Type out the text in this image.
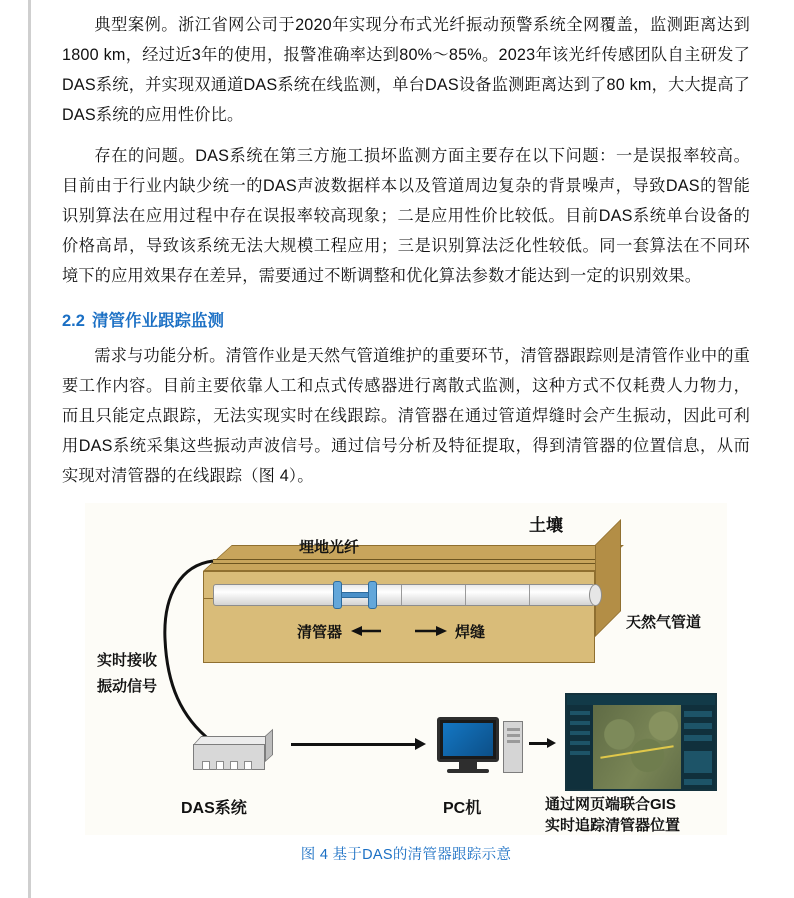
典型案例。浙江省网公司于2020年实现分布式光纤振动预警系统全网覆盖，监测距离达到1800 km，经过近3年的使用，报警准确率达到80%～85%。2023年该光纤传感团队自主研发了DAS系统，并实现双通道DAS系统在线监测，单台DAS设备监测距离达到了80 km，大大提高了DAS系统的应用性价比。

存在的问题。DAS系统在第三方施工损坏监测方面主要存在以下问题：一是误报率较高。目前由于行业内缺少统一的DAS声波数据样本以及管道周边复杂的背景噪声，导致DAS的智能识别算法在应用过程中存在误报率较高现象；二是应用性价比较低。目前DAS系统单台设备的价格高昂，导致该系统无法大规模工程应用；三是识别算法泛化性较低。同一套算法在不同环境下的应用效果存在差异，需要通过不断调整和优化算法参数才能达到一定的识别效果。

2.2 清管作业跟踪监测

需求与功能分析。清管作业是天然气管道维护的重要环节，清管器跟踪则是清管作业中的重要工作内容。目前主要依靠人工和点式传感器进行离散式监测，这种方式不仅耗费人力物力，而且只能定点跟踪，无法实现实时在线跟踪。清管器在通过管道焊缝时会产生振动，因此可利用DAS系统采集这些振动声波信号。通过信号分析及特征提取，得到清管器的位置信息，从而实现对清管器的在线跟踪（图 4）。

土壤
埋地光纤
天然气管道
清管器	焊缝
实时接收
振动信号
DAS系统	PC机	通过网页端联合GIS
实时追踪清管器位置
图 4 基于DAS的清管器跟踪示意
